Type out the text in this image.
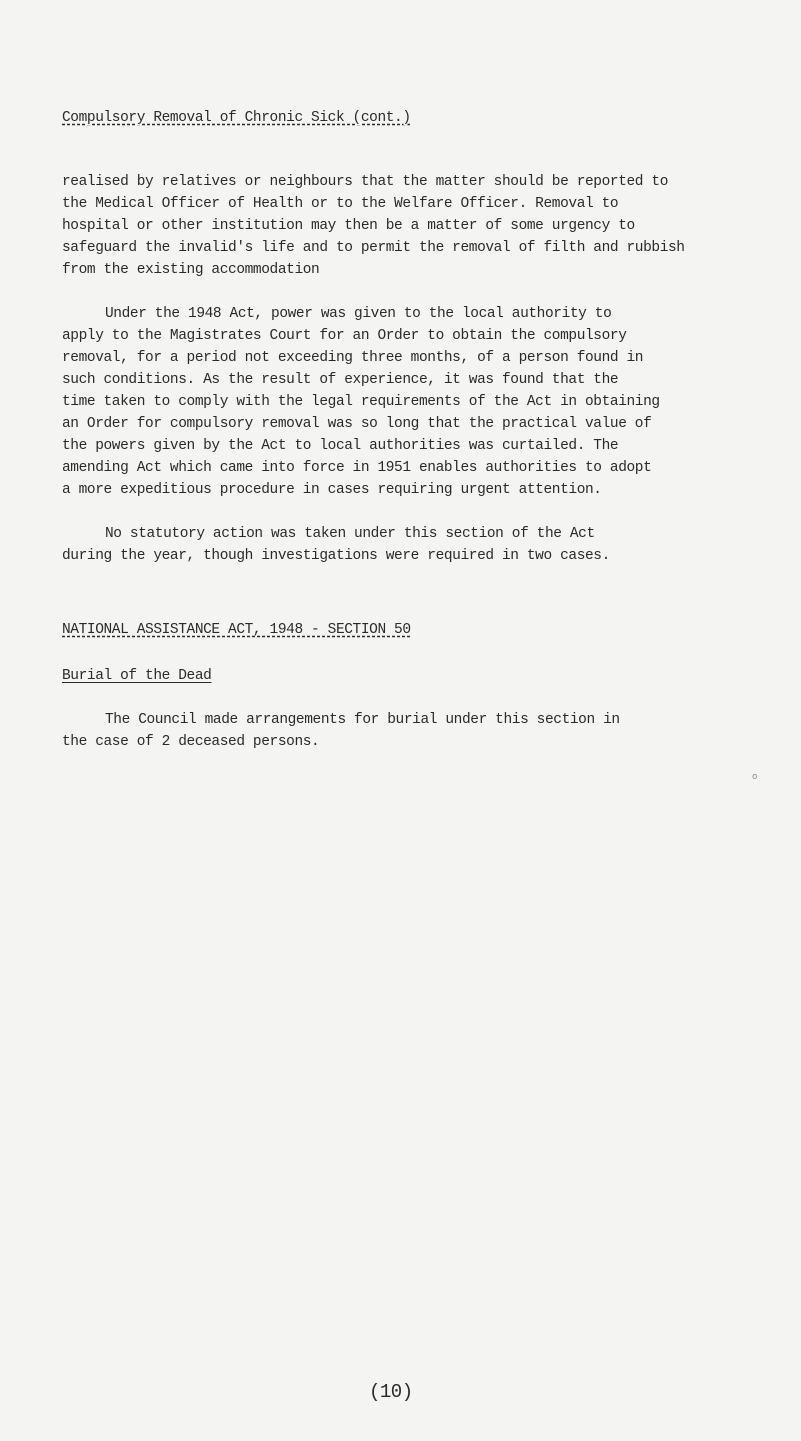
Compulsory Removal of Chronic Sick (cont.)
realised by relatives or neighbours that the matter should be reported to
the Medical Officer of Health or to the Welfare Officer. Removal to
hospital or other institution may then be a matter of some urgency to
safeguard the invalid's life and to permit the removal of filth and rubbish
from the existing accommodation
Under the 1948 Act, power was given to the local authority to
apply to the Magistrates Court for an Order to obtain the compulsory
removal, for a period not exceeding three months, of a person found in
such conditions. As the result of experience, it was found that the
time taken to comply with the legal requirements of the Act in obtaining
an Order for compulsory removal was so long that the practical value of
the powers given by the Act to local authorities was curtailed. The
amending Act which came into force in 1951 enables authorities to adopt
a more expeditious procedure in cases requiring urgent attention.
No statutory action was taken under this section of the Act
during the year, though investigations were required in two cases.
NATIONAL ASSISTANCE ACT, 1948 - SECTION 50
Burial of the Dead
The Council made arrangements for burial under this section in
the case of 2 deceased persons.
o
(10)
